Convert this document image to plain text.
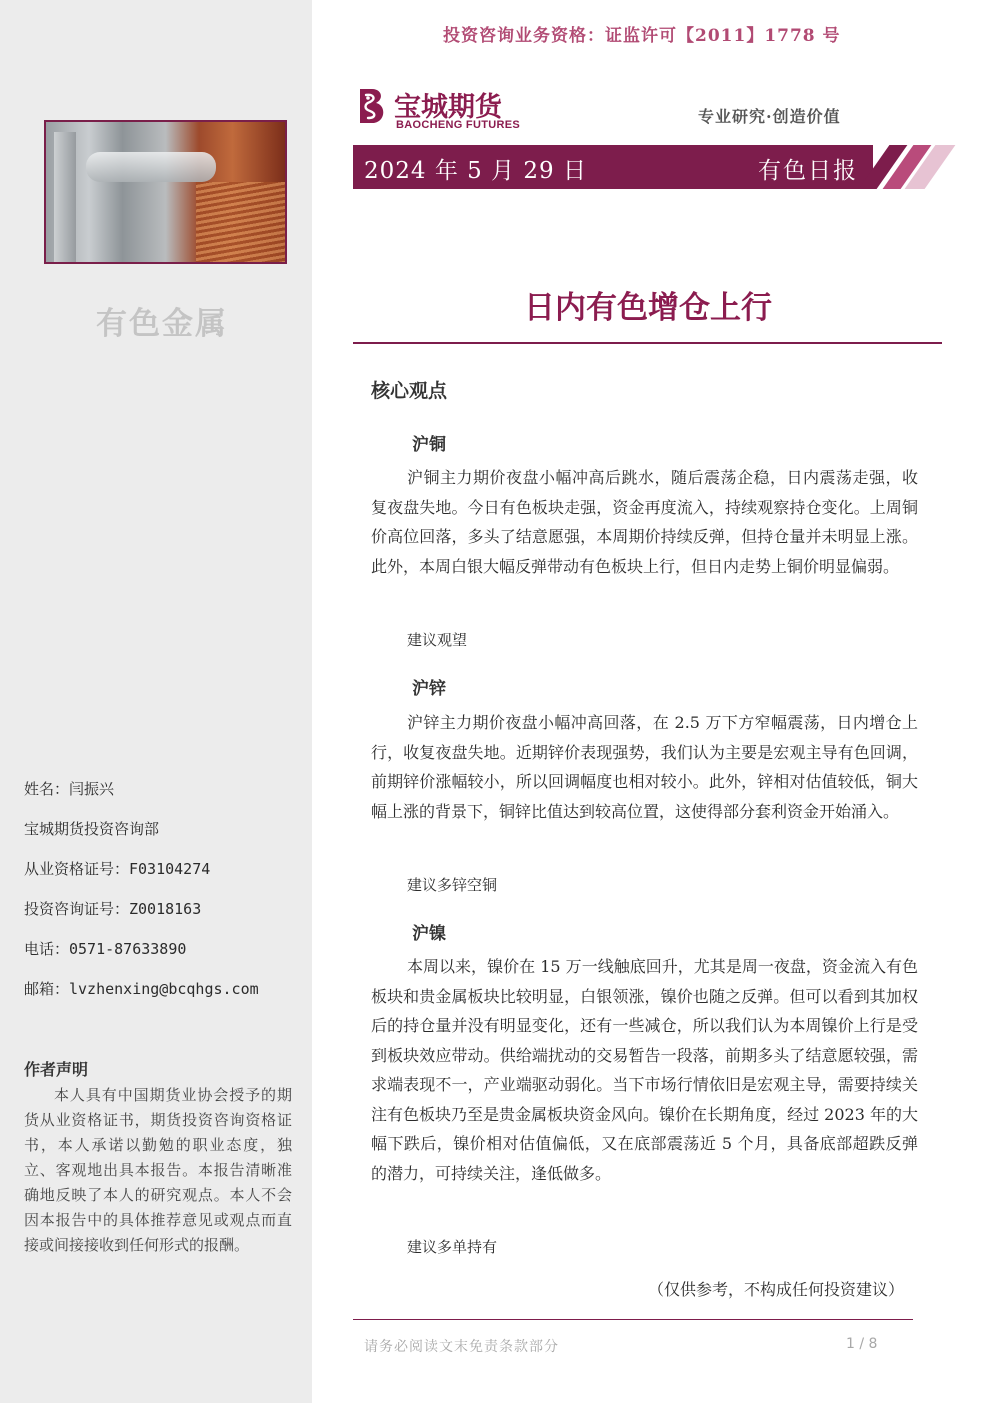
有色金属
姓名：闫振兴
宝城期货投资咨询部
从业资格证号：F03104274
投资咨询证号：Z0018163
电话：0571-87633890
邮箱：lvzhenxing@bcqhgs.com
作者声明
本人具有中国期货业协会授予的期货从业资格证书，期货投资咨询资格证书，本人承诺以勤勉的职业态度，独立、客观地出具本报告。本报告清晰准确地反映了本人的研究观点。本人不会因本报告中的具体推荐意见或观点而直接或间接接收到任何形式的报酬。
投资咨询业务资格：证监许可【2011】1778 号
宝城期货
BAOCHENG FUTURES	专业研究·创造价值
2024 年 5 月 29 日	有色日报
日内有色增仓上行
核心观点
沪铜
沪铜主力期价夜盘小幅冲高后跳水，随后震荡企稳，日内震荡走强，收复夜盘失地。今日有色板块走强，资金再度流入，持续观察持仓变化。上周铜价高位回落，多头了结意愿强，本周期价持续反弹，但持仓量并未明显上涨。此外，本周白银大幅反弹带动有色板块上行，但日内走势上铜价明显偏弱。
建议观望
沪锌
沪锌主力期价夜盘小幅冲高回落，在 2.5 万下方窄幅震荡，日内增仓上行，收复夜盘失地。近期锌价表现强势，我们认为主要是宏观主导有色回调，前期锌价涨幅较小，所以回调幅度也相对较小。此外，锌相对估值较低，铜大幅上涨的背景下，铜锌比值达到较高位置，这使得部分套利资金开始涌入。
建议多锌空铜
沪镍
本周以来，镍价在 15 万一线触底回升，尤其是周一夜盘，资金流入有色板块和贵金属板块比较明显，白银领涨，镍价也随之反弹。但可以看到其加权后的持仓量并没有明显变化，还有一些减仓，所以我们认为本周镍价上行是受到板块效应带动。供给端扰动的交易暂告一段落，前期多头了结意愿较强，需求端表现不一，产业端驱动弱化。当下市场行情依旧是宏观主导，需要持续关注有色板块乃至是贵金属板块资金风向。镍价在长期角度，经过 2023 年的大幅下跌后，镍价相对估值偏低，又在底部震荡近 5 个月，具备底部超跌反弹的潜力，可持续关注，逢低做多。
建议多单持有
（仅供参考，不构成任何投资建议）
请务必阅读文末免责条款部分	1 / 8
